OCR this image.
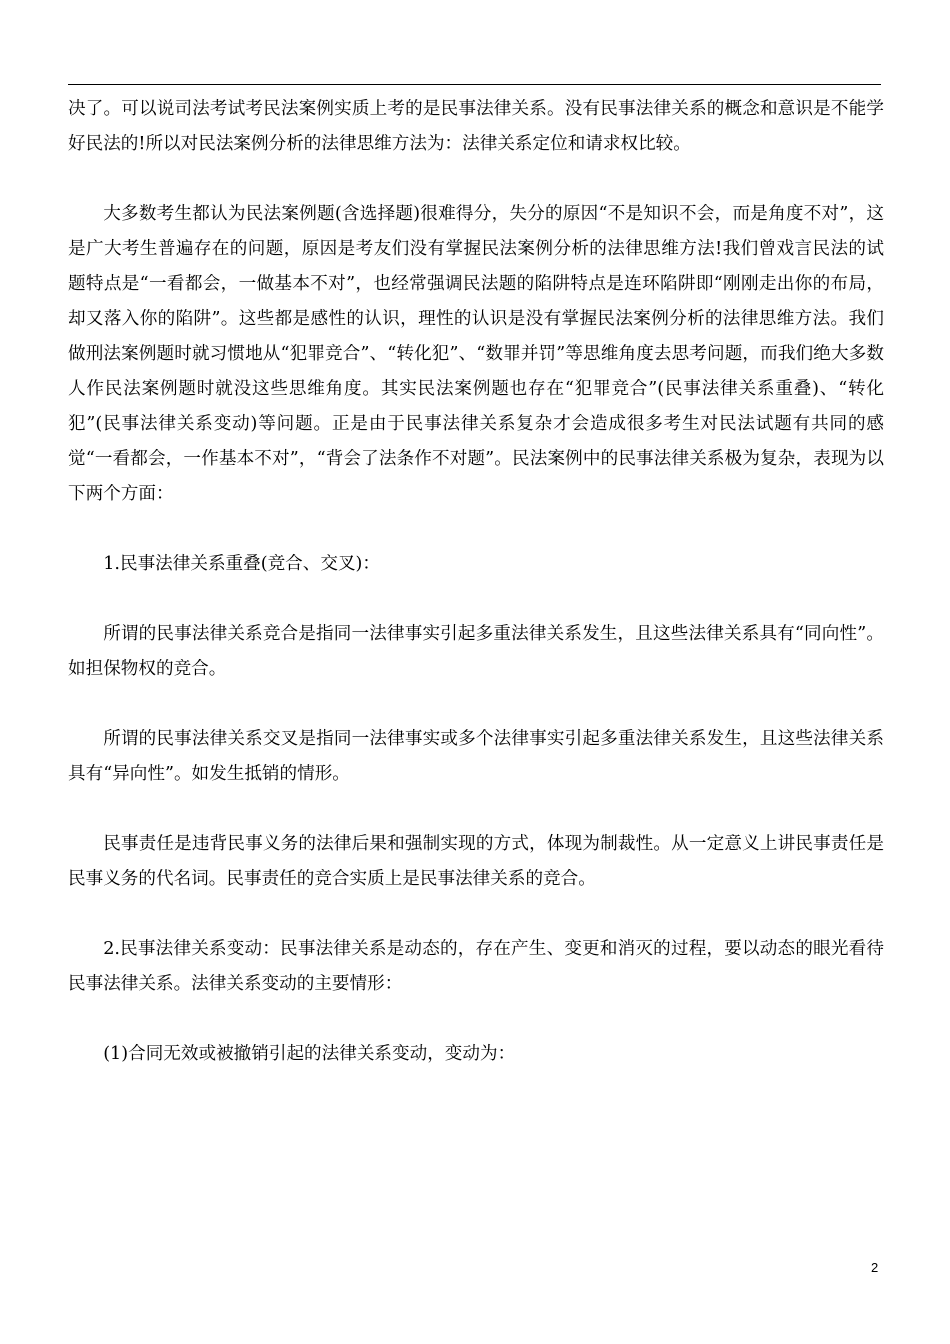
决了。可以说司法考试考民法案例实质上考的是民事法律关系。没有民事法律关系的概念和意识是不能学好民法的!所以对民法案例分析的法律思维方法为：法律关系定位和请求权比较。

大多数考生都认为民法案例题(含选择题)很难得分，失分的原因“不是知识不会，而是角度不对”，这是广大考生普遍存在的问题，原因是考友们没有掌握民法案例分析的法律思维方法!我们曾戏言民法的试题特点是“一看都会，一做基本不对”，也经常强调民法题的陷阱特点是连环陷阱即“刚刚走出你的布局，却又落入你的陷阱”。这些都是感性的认识，理性的认识是没有掌握民法案例分析的法律思维方法。我们做刑法案例题时就习惯地从“犯罪竞合”、“转化犯”、“数罪并罚”等思维角度去思考问题，而我们绝大多数人作民法案例题时就没这些思维角度。其实民法案例题也存在“犯罪竞合”(民事法律关系重叠)、“转化犯”(民事法律关系变动)等问题。正是由于民事法律关系复杂才会造成很多考生对民法试题有共同的感觉“一看都会，一作基本不对”，“背会了法条作不对题”。民法案例中的民事法律关系极为复杂，表现为以下两个方面：

1.民事法律关系重叠(竞合、交叉)：

所谓的民事法律关系竞合是指同一法律事实引起多重法律关系发生，且这些法律关系具有“同向性”。如担保物权的竞合。

所谓的民事法律关系交叉是指同一法律事实或多个法律事实引起多重法律关系发生，且这些法律关系具有“异向性”。如发生抵销的情形。

民事责任是违背民事义务的法律后果和强制实现的方式，体现为制裁性。从一定意义上讲民事责任是民事义务的代名词。民事责任的竞合实质上是民事法律关系的竞合。

2.民事法律关系变动：民事法律关系是动态的，存在产生、变更和消灭的过程，要以动态的眼光看待民事法律关系。法律关系变动的主要情形：

(1)合同无效或被撤销引起的法律关系变动，变动为：

2
